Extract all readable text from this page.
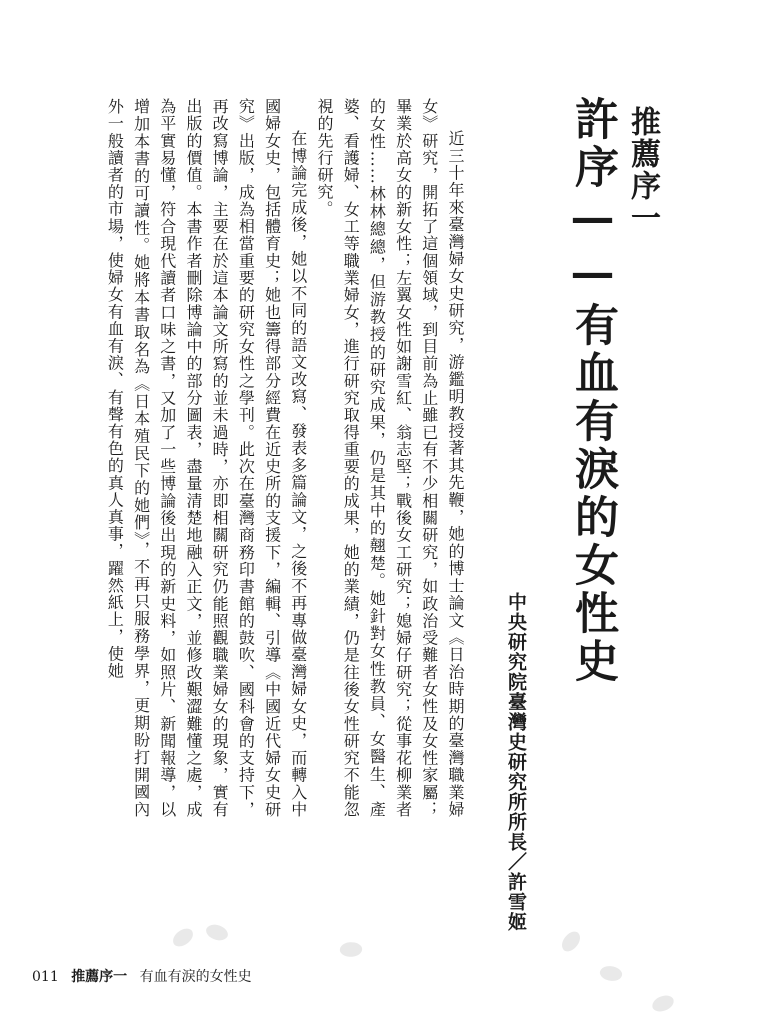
推薦序一
許序——有血有淚的女性史
中央研究院臺灣史研究所所長／許雪姬

近三十年來臺灣婦女史研究，游鑑明教授著其先鞭，她的博士論文《日治時期的臺灣職業婦女》研究，開拓了這個領域，到目前為止雖已有不少相關研究，如政治受難者女性及女性家屬；畢業於高女的新女性；左翼女性如謝雪紅、翁志堅；戰後女工研究；媳婦仔研究；從事花柳業者的女性……林林總總，但游教授的研究成果，仍是其中的翹楚。她針對女性教員、女醫生、產婆、看護婦、女工等職業婦女，進行研究取得重要的成果，她的業績，仍是往後女性研究不能忽視的先行研究。

在博論完成後，她以不同的語文改寫、發表多篇論文，之後不再專做臺灣婦女史，而轉入中國婦女史，包括體育史；她也籌得部分經費在近史所的支援下，編輯、引導《中國近代婦女史研究》出版，成為相當重要的研究女性之學刊。此次在臺灣商務印書館的鼓吹、國科會的支持下，再改寫博論，主要在於這本論文所寫的並未過時，亦即相關研究仍能照觀職業婦女的現象，實有出版的價值。本書作者刪除博論中的部分圖表，盡量清楚地融入正文，並修改艱澀難懂之處，成為平實易懂，符合現代讀者口味之書，又加了一些博論後出現的新史料，如照片、新聞報導，以增加本書的可讀性。她將本書取名為《日本殖民下的她們》，不再只服務學界，更期盼打開國內外一般讀者的市場，使婦女有血有淚、有聲有色的真人真事，躍然紙上，使她

011 推薦序一 有血有淚的女性史
